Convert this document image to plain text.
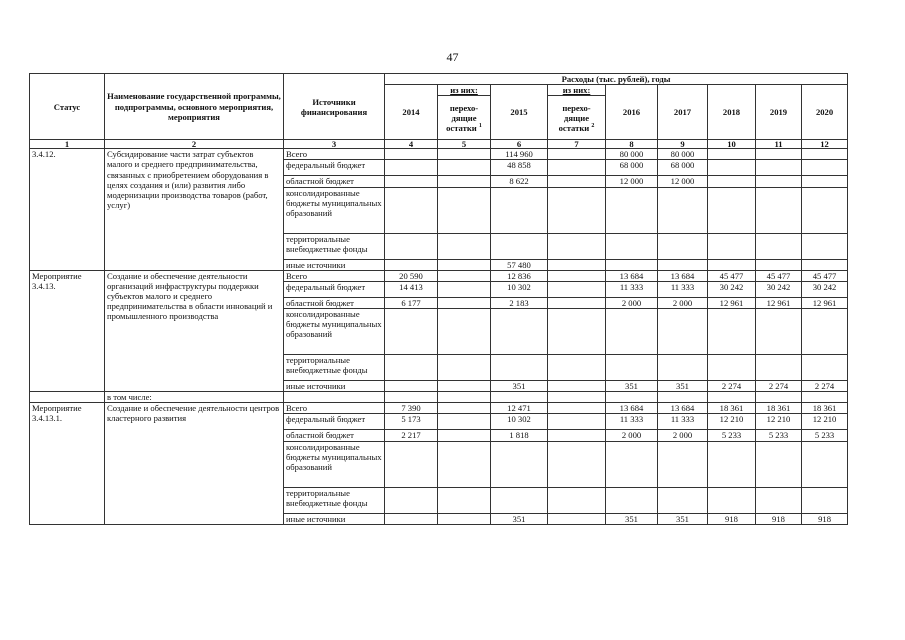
47
Статус	Наименование государственной программы, подпрограммы, основного мероприятия, мероприятия	Источники финансирования	Расходы (тыс. рублей), годы								
			2014	из них:	2015	из них:	2016	2017	2018	2019	2020
				перехо-дящие остатки $^1$		перехо-дящие остатки $^2$
1	2	3	4	5	6	7	8	9	10	11	12
3.4.12.	Субсидирование части затрат субъектов малого и среднего предпринимательства, связанных с приобретением оборудования в целях создания и (или) развития либо модернизации производства товаров (работ, услуг)	Всего			114 960		80 000	80 000			
		федеральный бюджет			48 858		68 000	68 000			
		областной бюджет			8 622		12 000	12 000			
		консолидированные бюджеты муниципальных образований									
		территориальные внебюджетные фонды									
		иные источники			57 480						
Мероприятие 3.4.13.	Создание и обеспечение деятельности организаций инфраструктуры поддержки субъектов малого и среднего предпринимательства в области инноваций и промышленного производства	Всего	20 590		12 836		13 684	13 684	45 477	45 477	45 477
		федеральный бюджет	14 413		10 302		11 333	11 333	30 242	30 242	30 242
		областной бюджет	6 177		2 183		2 000	2 000	12 961	12 961	12 961
		консолидированные бюджеты муниципальных образований									
		территориальные внебюджетные фонды									
		иные источники			351		351	351	2 274	2 274	2 274
	в том числе:										
Мероприятие 3.4.13.1.	Создание и обеспечение деятельности центров кластерного развития	Всего	7 390		12 471		13 684	13 684	18 361	18 361	18 361
		федеральный бюджет	5 173		10 302		11 333	11 333	12 210	12 210	12 210
		областной бюджет	2 217		1 818		2 000	2 000	5 233	5 233	5 233
		консолидированные бюджеты муниципальных образований									
		территориальные внебюджетные фонды									
		иные источники			351		351	351	918	918	918
